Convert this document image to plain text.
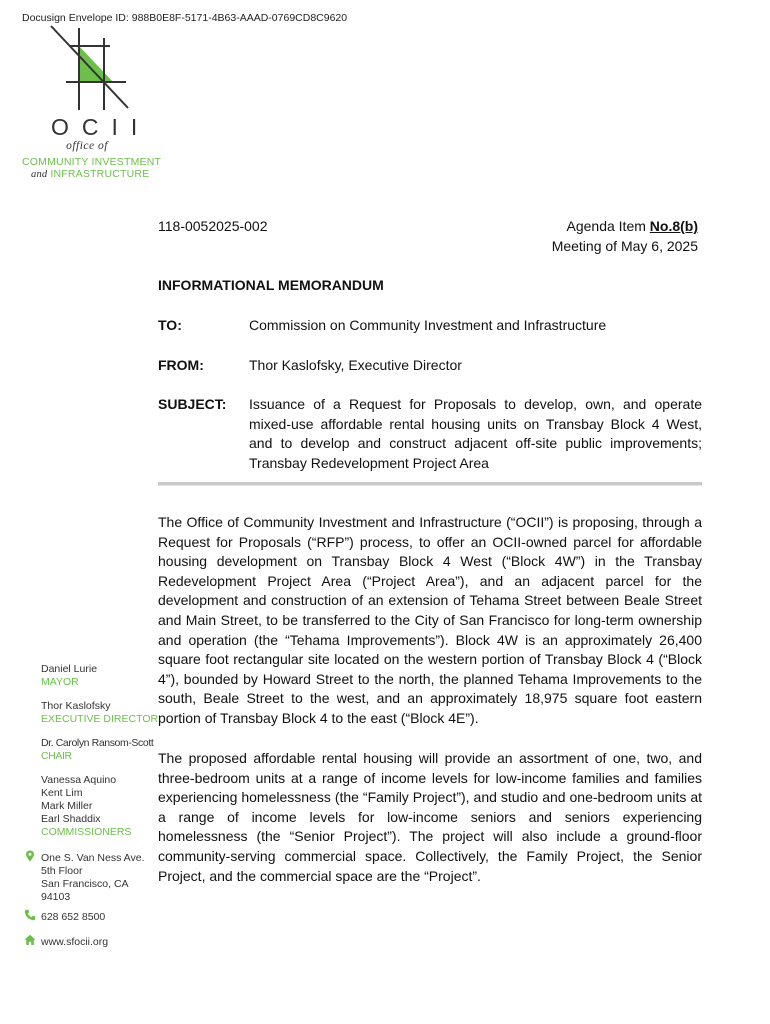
Docusign Envelope ID: 988B0E8F-5171-4B63-AAAD-0769CD8C9620
OCII
office of
COMMUNITY INVESTMENT
and INFRASTRUCTURE
118-0052025-002	Agenda Item No.8(b)
Meeting of May 6, 2025
INFORMATIONAL MEMORANDUM
TO:	Commission on Community Investment and Infrastructure
FROM:	Thor Kaslofsky, Executive Director
SUBJECT: Issuance of a Request for Proposals to develop, own, and operate mixed-use affordable rental housing units on Transbay Block 4 West, and to develop and construct adjacent off-site public improvements; Transbay Redevelopment Project Area
The Office of Community Investment and Infrastructure (“OCII”) is proposing, through a Request for Proposals (“RFP”) process, to offer an OCII-owned parcel for affordable housing development on Transbay Block 4 West (“Block 4W”) in the Transbay Redevelopment Project Area (“Project Area”), and an adjacent parcel for the development and construction of an extension of Tehama Street between Beale Street and Main Street, to be transferred to the City of San Francisco for long-term ownership and operation (the “Tehama Improvements”). Block 4W is an approximately 26,400 square foot rectangular site located on the western portion of Transbay Block 4 (“Block 4”), bounded by Howard Street to the north, the planned Tehama Improvements to the south, Beale Street to the west, and an approximately 18,975 square foot eastern portion of Transbay Block 4 to the east (“Block 4E”).
The proposed affordable rental housing will provide an assortment of one, two, and three-bedroom units at a range of income levels for low-income families and families experiencing homelessness (the “Family Project”), and studio and one-bedroom units at a range of income levels for low-income seniors and seniors experiencing homelessness (the “Senior Project”). The project will also include a ground-floor community-serving commercial space. Collectively, the Family Project, the Senior Project, and the commercial space are the “Project”.
Daniel Lurie
MAYOR
Thor Kaslofsky
EXECUTIVE DIRECTOR
Dr. Carolyn Ransom-Scott
CHAIR
Vanessa Aquino
Kent Lim
Mark Miller
Earl Shaddix
COMMISSIONERS
One S. Van Ness Ave.
5th Floor
San Francisco, CA
94103
628 652 8500
www.sfocii.org
